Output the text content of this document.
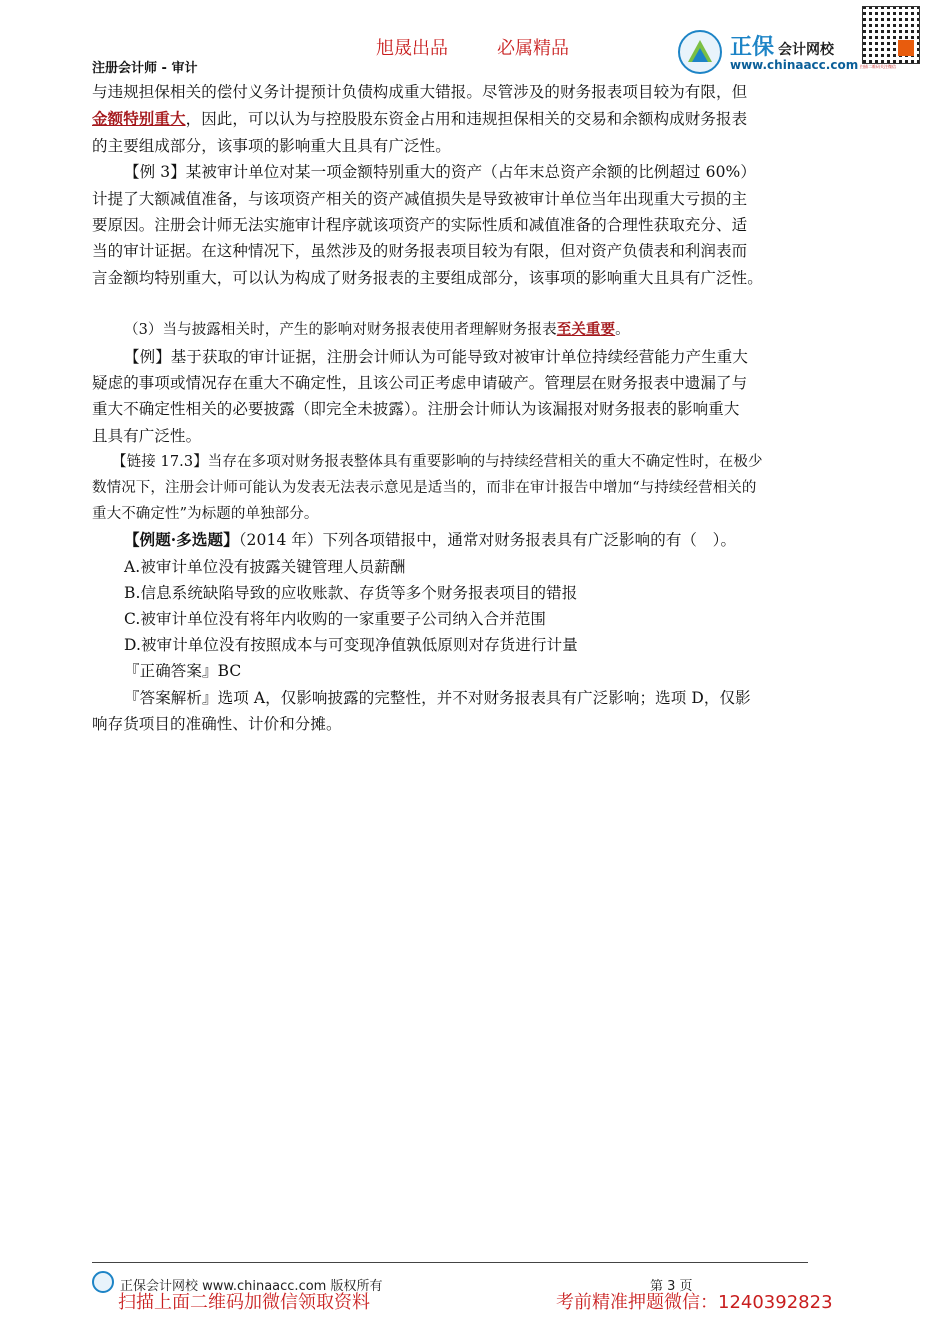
旭晟出品	必属精品
注册会计师 - 审计
正保 会计网校
www.chinaacc.com 扫描二维码关注微信
与违规担保相关的偿付义务计提预计负债构成重大错报。尽管涉及的财务报表项目较为有限，但
金额特别重大，因此，可以认为与控股股东资金占用和违规担保相关的交易和余额构成财务报表
的主要组成部分，该事项的影响重大且具有广泛性。
【例 3】某被审计单位对某一项金额特别重大的资产（占年末总资产余额的比例超过 60%）
计提了大额减值准备，与该项资产相关的资产减值损失是导致被审计单位当年出现重大亏损的主
要原因。注册会计师无法实施审计程序就该项资产的实际性质和减值准备的合理性获取充分、适
当的审计证据。在这种情况下，虽然涉及的财务报表项目较为有限，但对资产负债表和利润表而
言金额均特别重大，可以认为构成了财务报表的主要组成部分，该事项的影响重大且具有广泛性。
（3）当与披露相关时，产生的影响对财务报表使用者理解财务报表至关重要。
【例】基于获取的审计证据，注册会计师认为可能导致对被审计单位持续经营能力产生重大
疑虑的事项或情况存在重大不确定性，且该公司正考虑申请破产。管理层在财务报表中遗漏了与
重大不确定性相关的必要披露（即完全未披露）。注册会计师认为该漏报对财务报表的影响重大
且具有广泛性。
【链接 17.3】当存在多项对财务报表整体具有重要影响的与持续经营相关的重大不确定性时，在极少
数情况下，注册会计师可能认为发表无法表示意见是适当的，而非在审计报告中增加“与持续经营相关的
重大不确定性”为标题的单独部分。
【例题·多选题】（2014 年）下列各项错报中，通常对财务报表具有广泛影响的有（　）。
A.被审计单位没有披露关键管理人员薪酬
B.信息系统缺陷导致的应收账款、存货等多个财务报表项目的错报
C.被审计单位没有将年内收购的一家重要子公司纳入合并范围
D.被审计单位没有按照成本与可变现净值孰低原则对存货进行计量
『正确答案』BC
『答案解析』选项 A，仅影响披露的完整性，并不对财务报表具有广泛影响；选项 D，仅影
响存货项目的准确性、计价和分摊。
正保会计网校 www.chinaacc.com 版权所有	第 3 页
扫描上面二维码加微信领取资料	考前精准押题微信：1240392823
